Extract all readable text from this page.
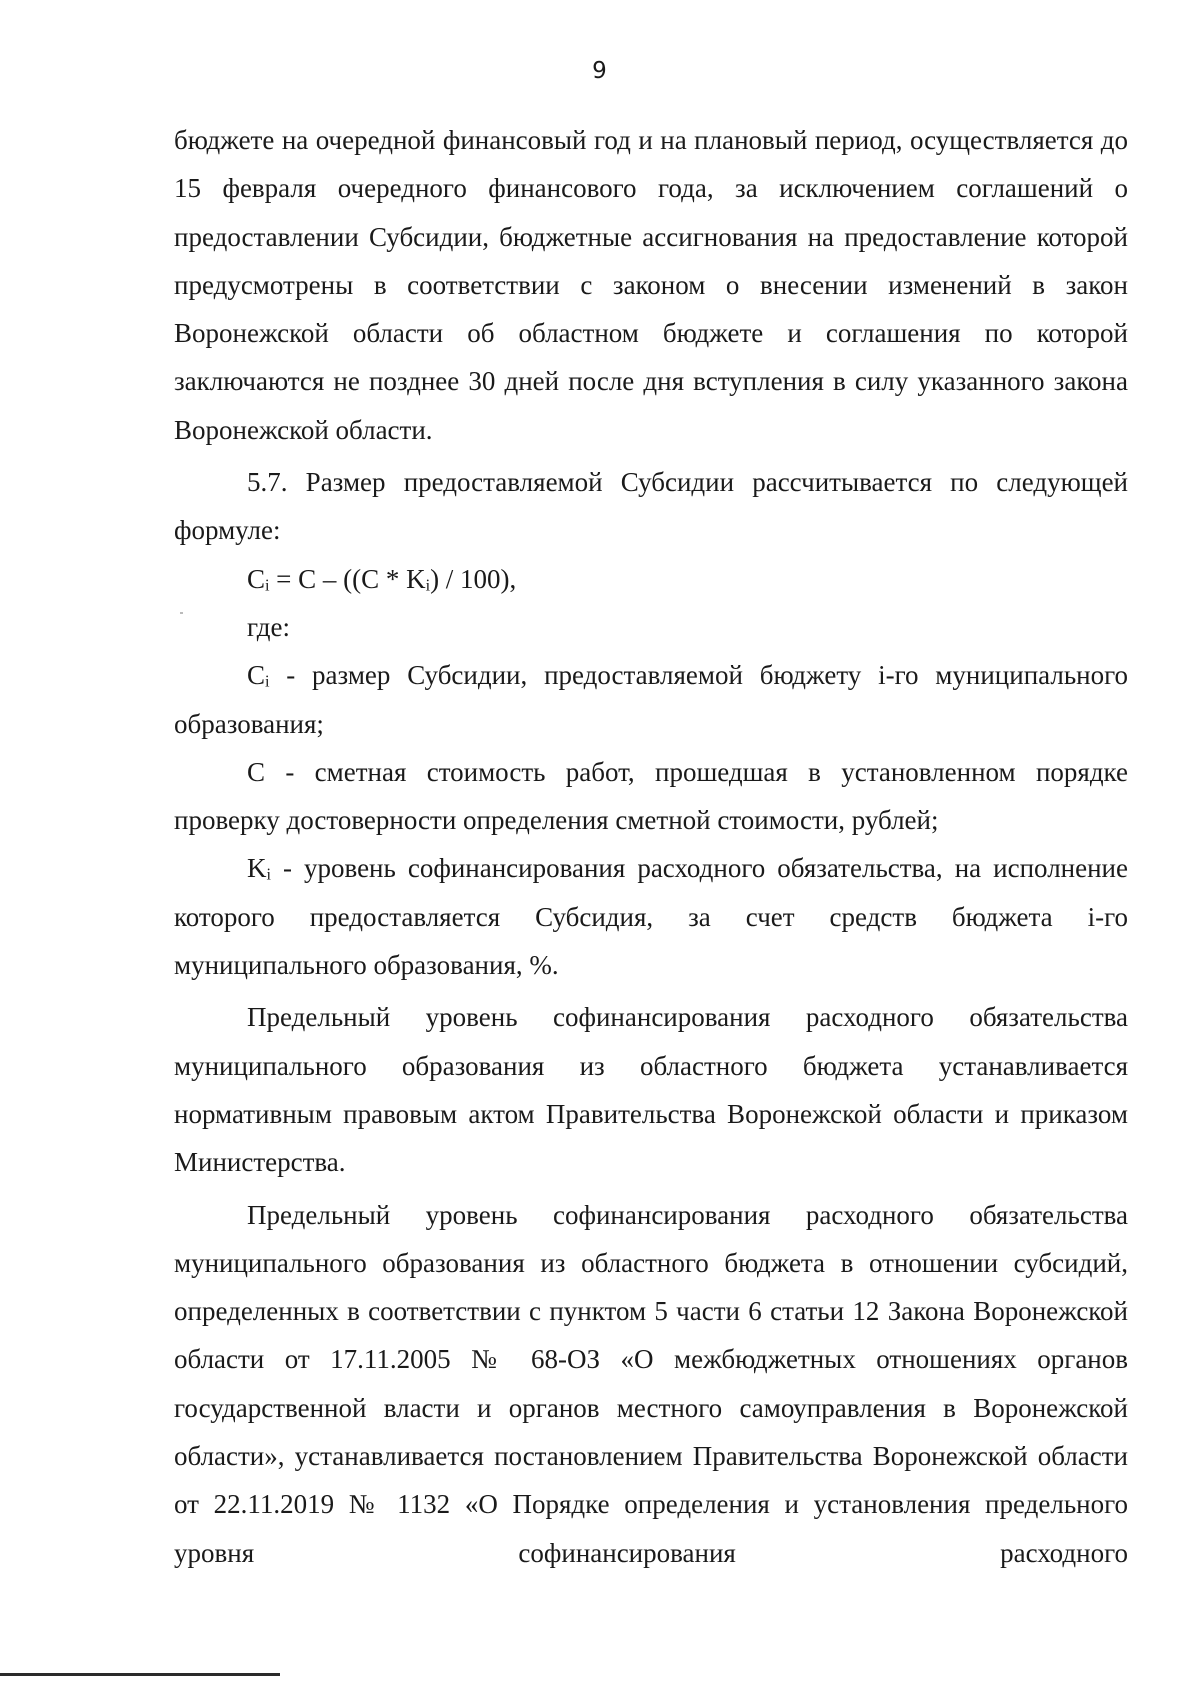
9

бюджете на очередной финансовый год и на плановый период, осуществляется до 15 февраля очередного финансового года, за исключением соглашений о предоставлении Субсидии, бюджетные ассигнования на предоставление которой предусмотрены в соответствии с законом о внесении изменений в закон Воронежской области об областном бюджете и соглашения по которой заключаются не позднее 30 дней после дня вступления в силу указанного закона Воронежской области.

5.7. Размер предоставляемой Субсидии рассчитывается по следующей формуле:

Cᵢ = C – ((C * Kᵢ) / 100),

где:

Cᵢ - размер Субсидии, предоставляемой бюджету i-го муниципального образования;

C - сметная стоимость работ, прошедшая в установленном порядке проверку достоверности определения сметной стоимости, рублей;

Kᵢ - уровень софинансирования расходного обязательства, на исполнение которого предоставляется Субсидия, за счет средств бюджета i-го муниципального образования, %.

Предельный уровень софинансирования расходного обязательства муниципального образования из областного бюджета устанавливается нормативным правовым актом Правительства Воронежской области и приказом Министерства.

Предельный уровень софинансирования расходного обязательства муниципального образования из областного бюджета в отношении субсидий, определенных в соответствии с пунктом 5 части 6 статьи 12 Закона Воронежской области от 17.11.2005 № 68-ОЗ «О межбюджетных отношениях органов государственной власти и органов местного самоуправления в Воронежской области», устанавливается постановлением Правительства Воронежской области от 22.11.2019 № 1132 «О Порядке определения и установления предельного уровня софинансирования расходного
